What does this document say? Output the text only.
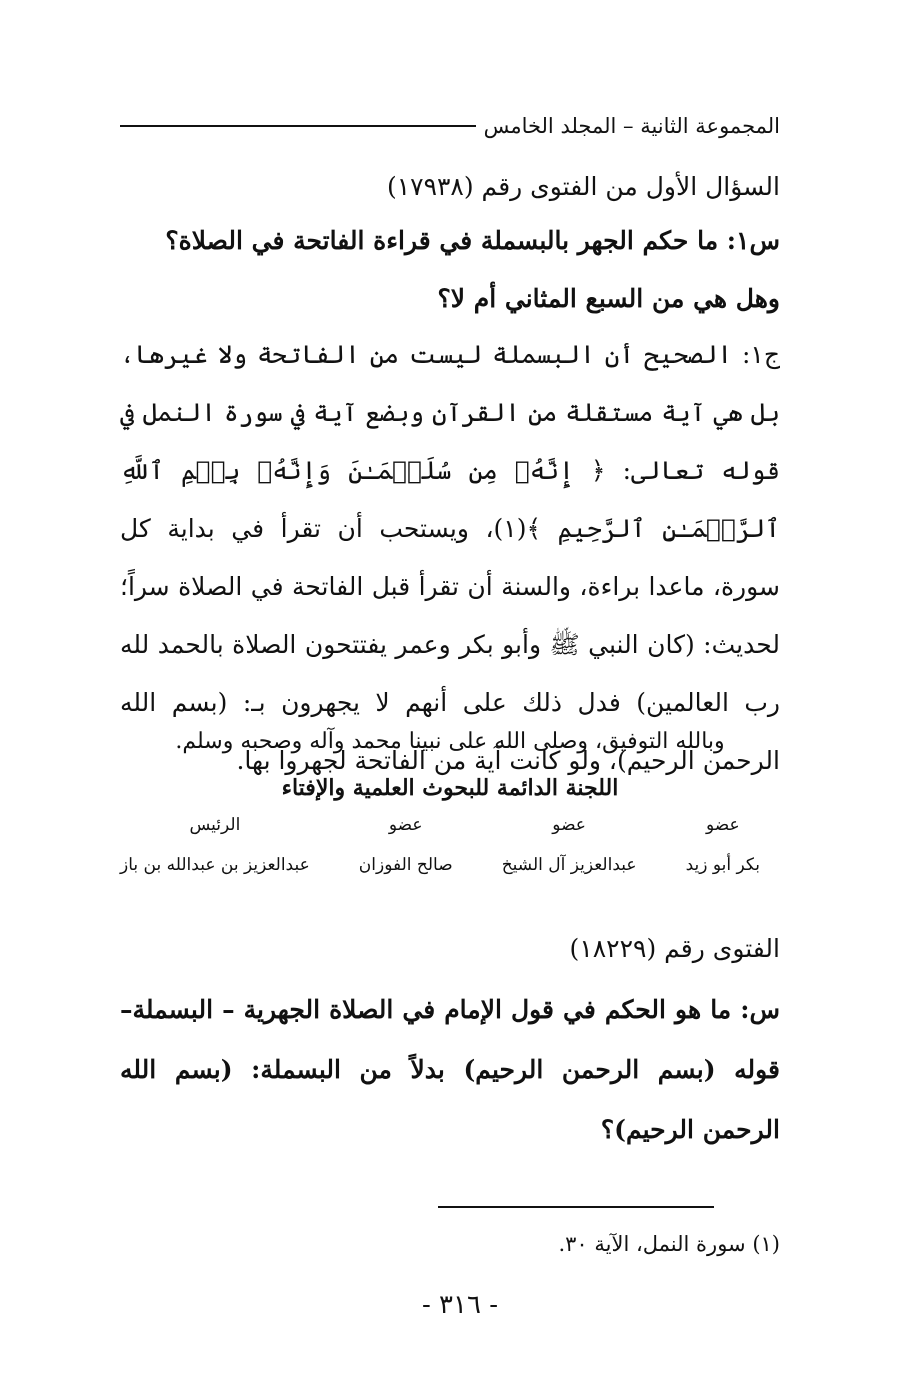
المجموعة الثانية – المجلد الخامس
السؤال الأول من الفتوى رقم (١٧٩٣٨)
س١: ما حكم الجهر بالبسملة في قراءة الفاتحة في الصلاة؟
وهل هي من السبع المثاني أم لا؟
ج١: الصحيح أن البسملة ليست من الفاتحة ولا غيرها، بل هي آية مستقلة من القرآن وبضع آية في سورة النمل في قوله تعالى: ﴿ إِنَّهُۥ مِن سُلَيۡمَـٰنَ وَإِنَّهُۥ بِسۡمِ ٱللَّهِ ٱلرَّحۡمَـٰنِ ٱلرَّحِيمِ ﴾(١)، ويستحب أن تقرأ في بداية كل سورة، ماعدا براءة، والسنة أن تقرأ قبل الفاتحة في الصلاة سراً؛ لحديث: (كان النبي ﷺ وأبو بكر وعمر يفتتحون الصلاة بالحمد لله رب العالمين) فدل ذلك على أنهم لا يجهرون بـ: (بسم الله الرحمن الرحيم)، ولو كانت آية من الفاتحة لجهروا بها.
وبالله التوفيق، وصلى الله على نبينا محمد وآله وصحبه وسلم.
اللجنة الدائمة للبحوث العلمية والإفتاء
عضو
بكر أبو زيد
عضو
عبدالعزيز آل الشيخ
عضو
صالح الفوزان
الرئيس
عبدالعزيز بن عبدالله بن باز
الفتوى رقم (١٨٢٢٩)
س: ما هو الحكم في قول الإمام في الصلاة الجهرية – البسملة– قوله (بسم الرحمن الرحيم) بدلاً من البسملة: (بسم الله الرحمن الرحيم)؟
(١) سورة النمل، الآية ٣٠.
- ٣١٦ -
